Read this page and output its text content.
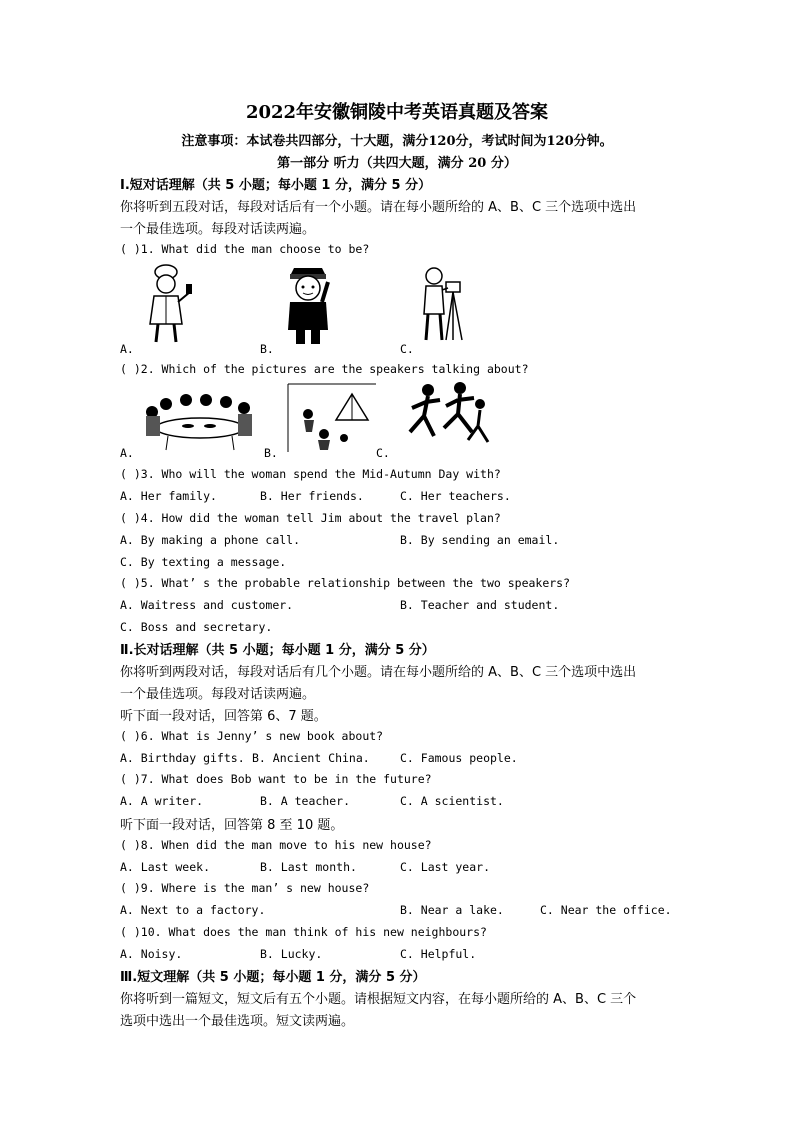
2022年安徽铜陵中考英语真题及答案
注意事项：本试卷共四部分，十大题，满分120分，考试时间为120分钟。
第一部分 听力（共四大题，满分 20 分）
Ⅰ.短对话理解（共 5 小题；每小题 1 分，满分 5 分）
你将听到五段对话，每段对话后有一个小题。请在每小题所给的 A、B、C 三个选项中选出
一个最佳选项。每段对话读两遍。
( )1. What did the man choose to be?
A.	B.	C.
( )2. Which of the pictures are the speakers talking about?
A.	B.	C.
( )3. Who will the woman spend the Mid-Autumn Day with?
A. Her family.	B. Her friends.	C. Her teachers.
( )4. How did the woman tell Jim about the travel plan?
A. By making a phone call.	B. By sending an email.
C. By texting a message.
( )5. What’ s the probable relationship between the two speakers?
A. Waitress and customer.	B. Teacher and student.
C. Boss and secretary.
Ⅱ.长对话理解（共 5 小题；每小题 1 分，满分 5 分）
你将听到两段对话，每段对话后有几个小题。请在每小题所给的 A、B、C 三个选项中选出
一个最佳选项。每段对话读两遍。
听下面一段对话，回答第 6、7 题。
( )6. What is Jenny’ s new book about?
A. Birthday gifts. B. Ancient China.	C. Famous people.
( )7. What does Bob want to be in the future?
A. A writer.	B. A teacher.	C. A scientist.
听下面一段对话，回答第 8 至 10 题。
( )8. When did the man move to his new house?
A. Last week.	B. Last month.	C. Last year.
( )9. Where is the man’ s new house?
A. Next to a factory.	B. Near a lake.	C. Near the office.
( )10. What does the man think of his new neighbours?
A. Noisy.	B. Lucky.	C. Helpful.
Ⅲ.短文理解（共 5 小题；每小题 1 分，满分 5 分）
你将听到一篇短文，短文后有五个小题。请根据短文内容，在每小题所给的 A、B、C 三个
选项中选出一个最佳选项。短文读两遍。
